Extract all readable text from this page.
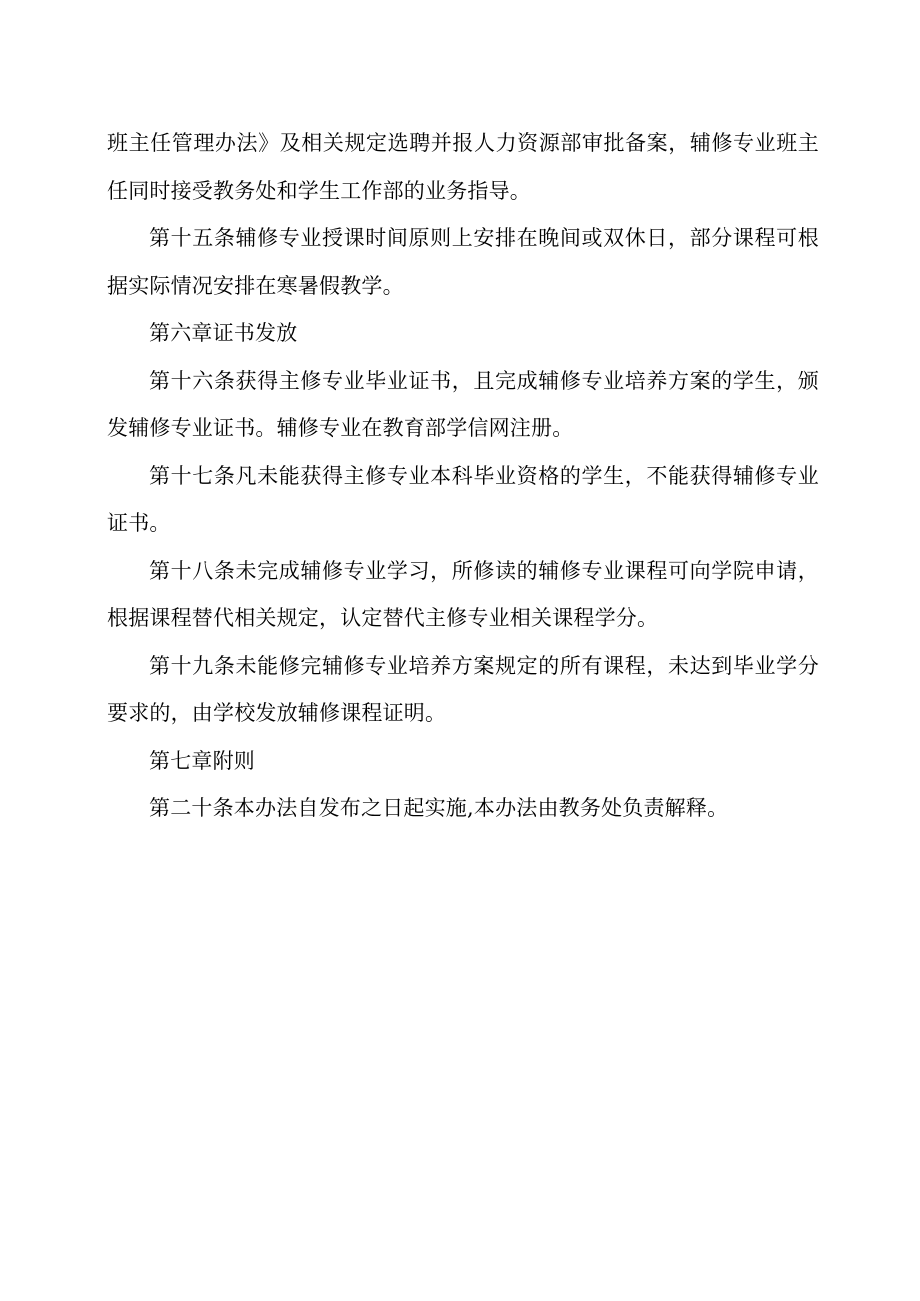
班主任管理办法》及相关规定选聘并报人力资源部审批备案，辅修专业班主任同时接受教务处和学生工作部的业务指导。

第十五条辅修专业授课时间原则上安排在晚间或双休日，部分课程可根据实际情况安排在寒暑假教学。

第六章证书发放

第十六条获得主修专业毕业证书，且完成辅修专业培养方案的学生，颁发辅修专业证书。辅修专业在教育部学信网注册。

第十七条凡未能获得主修专业本科毕业资格的学生，不能获得辅修专业证书。

第十八条未完成辅修专业学习，所修读的辅修专业课程可向学院申请，根据课程替代相关规定，认定替代主修专业相关课程学分。

第十九条未能修完辅修专业培养方案规定的所有课程，未达到毕业学分要求的，由学校发放辅修课程证明。

第七章附则

第二十条本办法自发布之日起实施,本办法由教务处负责解释。
